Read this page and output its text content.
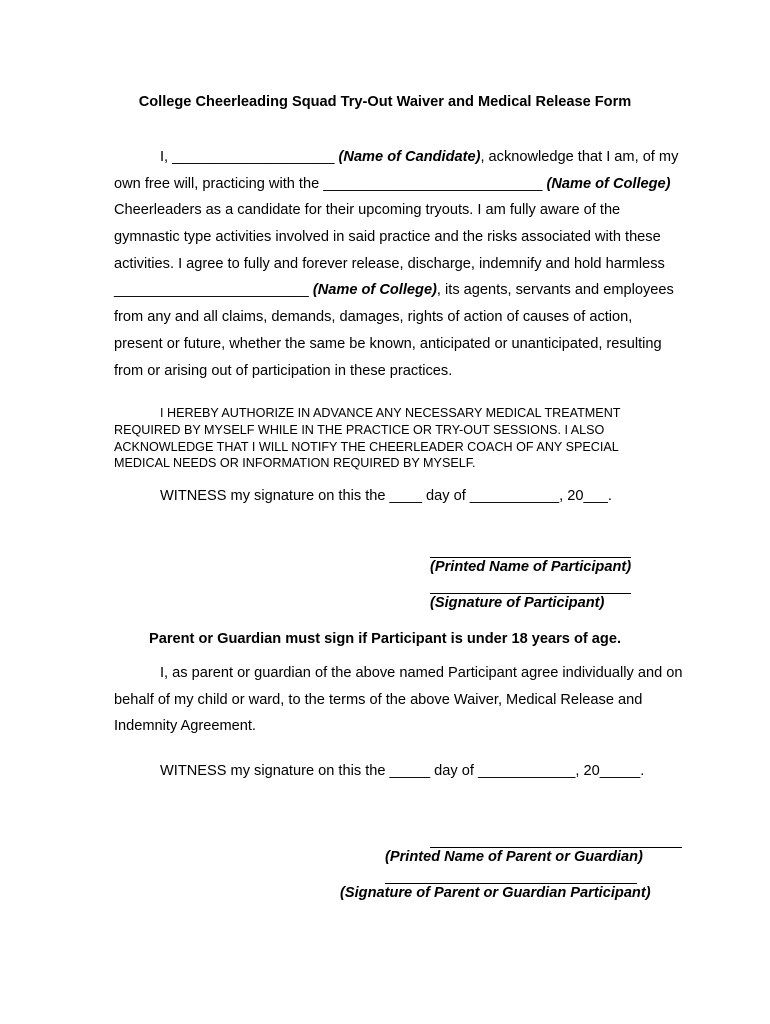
College Cheerleading Squad Try-Out Waiver and Medical Release Form
I, ____________________ (Name of Candidate), acknowledge that I am, of my
own free will, practicing with the ___________________________ (Name of College)
Cheerleaders as a candidate for their upcoming tryouts. I am fully aware of the
gymnastic type activities involved in said practice and the risks associated with these
activities. I agree to fully and forever release, discharge, indemnify and hold harmless
________________________ (Name of College), its agents, servants and employees
from any and all claims, demands, damages, rights of action of causes of action,
present or future, whether the same be known, anticipated or unanticipated, resulting
from or arising out of participation in these practices.
I HEREBY AUTHORIZE IN ADVANCE ANY NECESSARY MEDICAL TREATMENT
REQUIRED BY MYSELF WHILE IN THE PRACTICE OR TRY-OUT SESSIONS. I ALSO
ACKNOWLEDGE THAT I WILL NOTIFY THE CHEERLEADER COACH OF ANY SPECIAL
MEDICAL NEEDS OR INFORMATION REQUIRED BY MYSELF.
WITNESS my signature on this the ____ day of ___________, 20___.
(Printed Name of Participant)
(Signature of Participant)
Parent or Guardian must sign if Participant is under 18 years of age.
I, as parent or guardian of the above named Participant agree individually and on
behalf of my child or ward, to the terms of the above Waiver, Medical Release and
Indemnity Agreement.
WITNESS my signature on this the _____ day of ____________, 20_____.
(Printed Name of Parent or Guardian)
(Signature of Parent or Guardian Participant)
